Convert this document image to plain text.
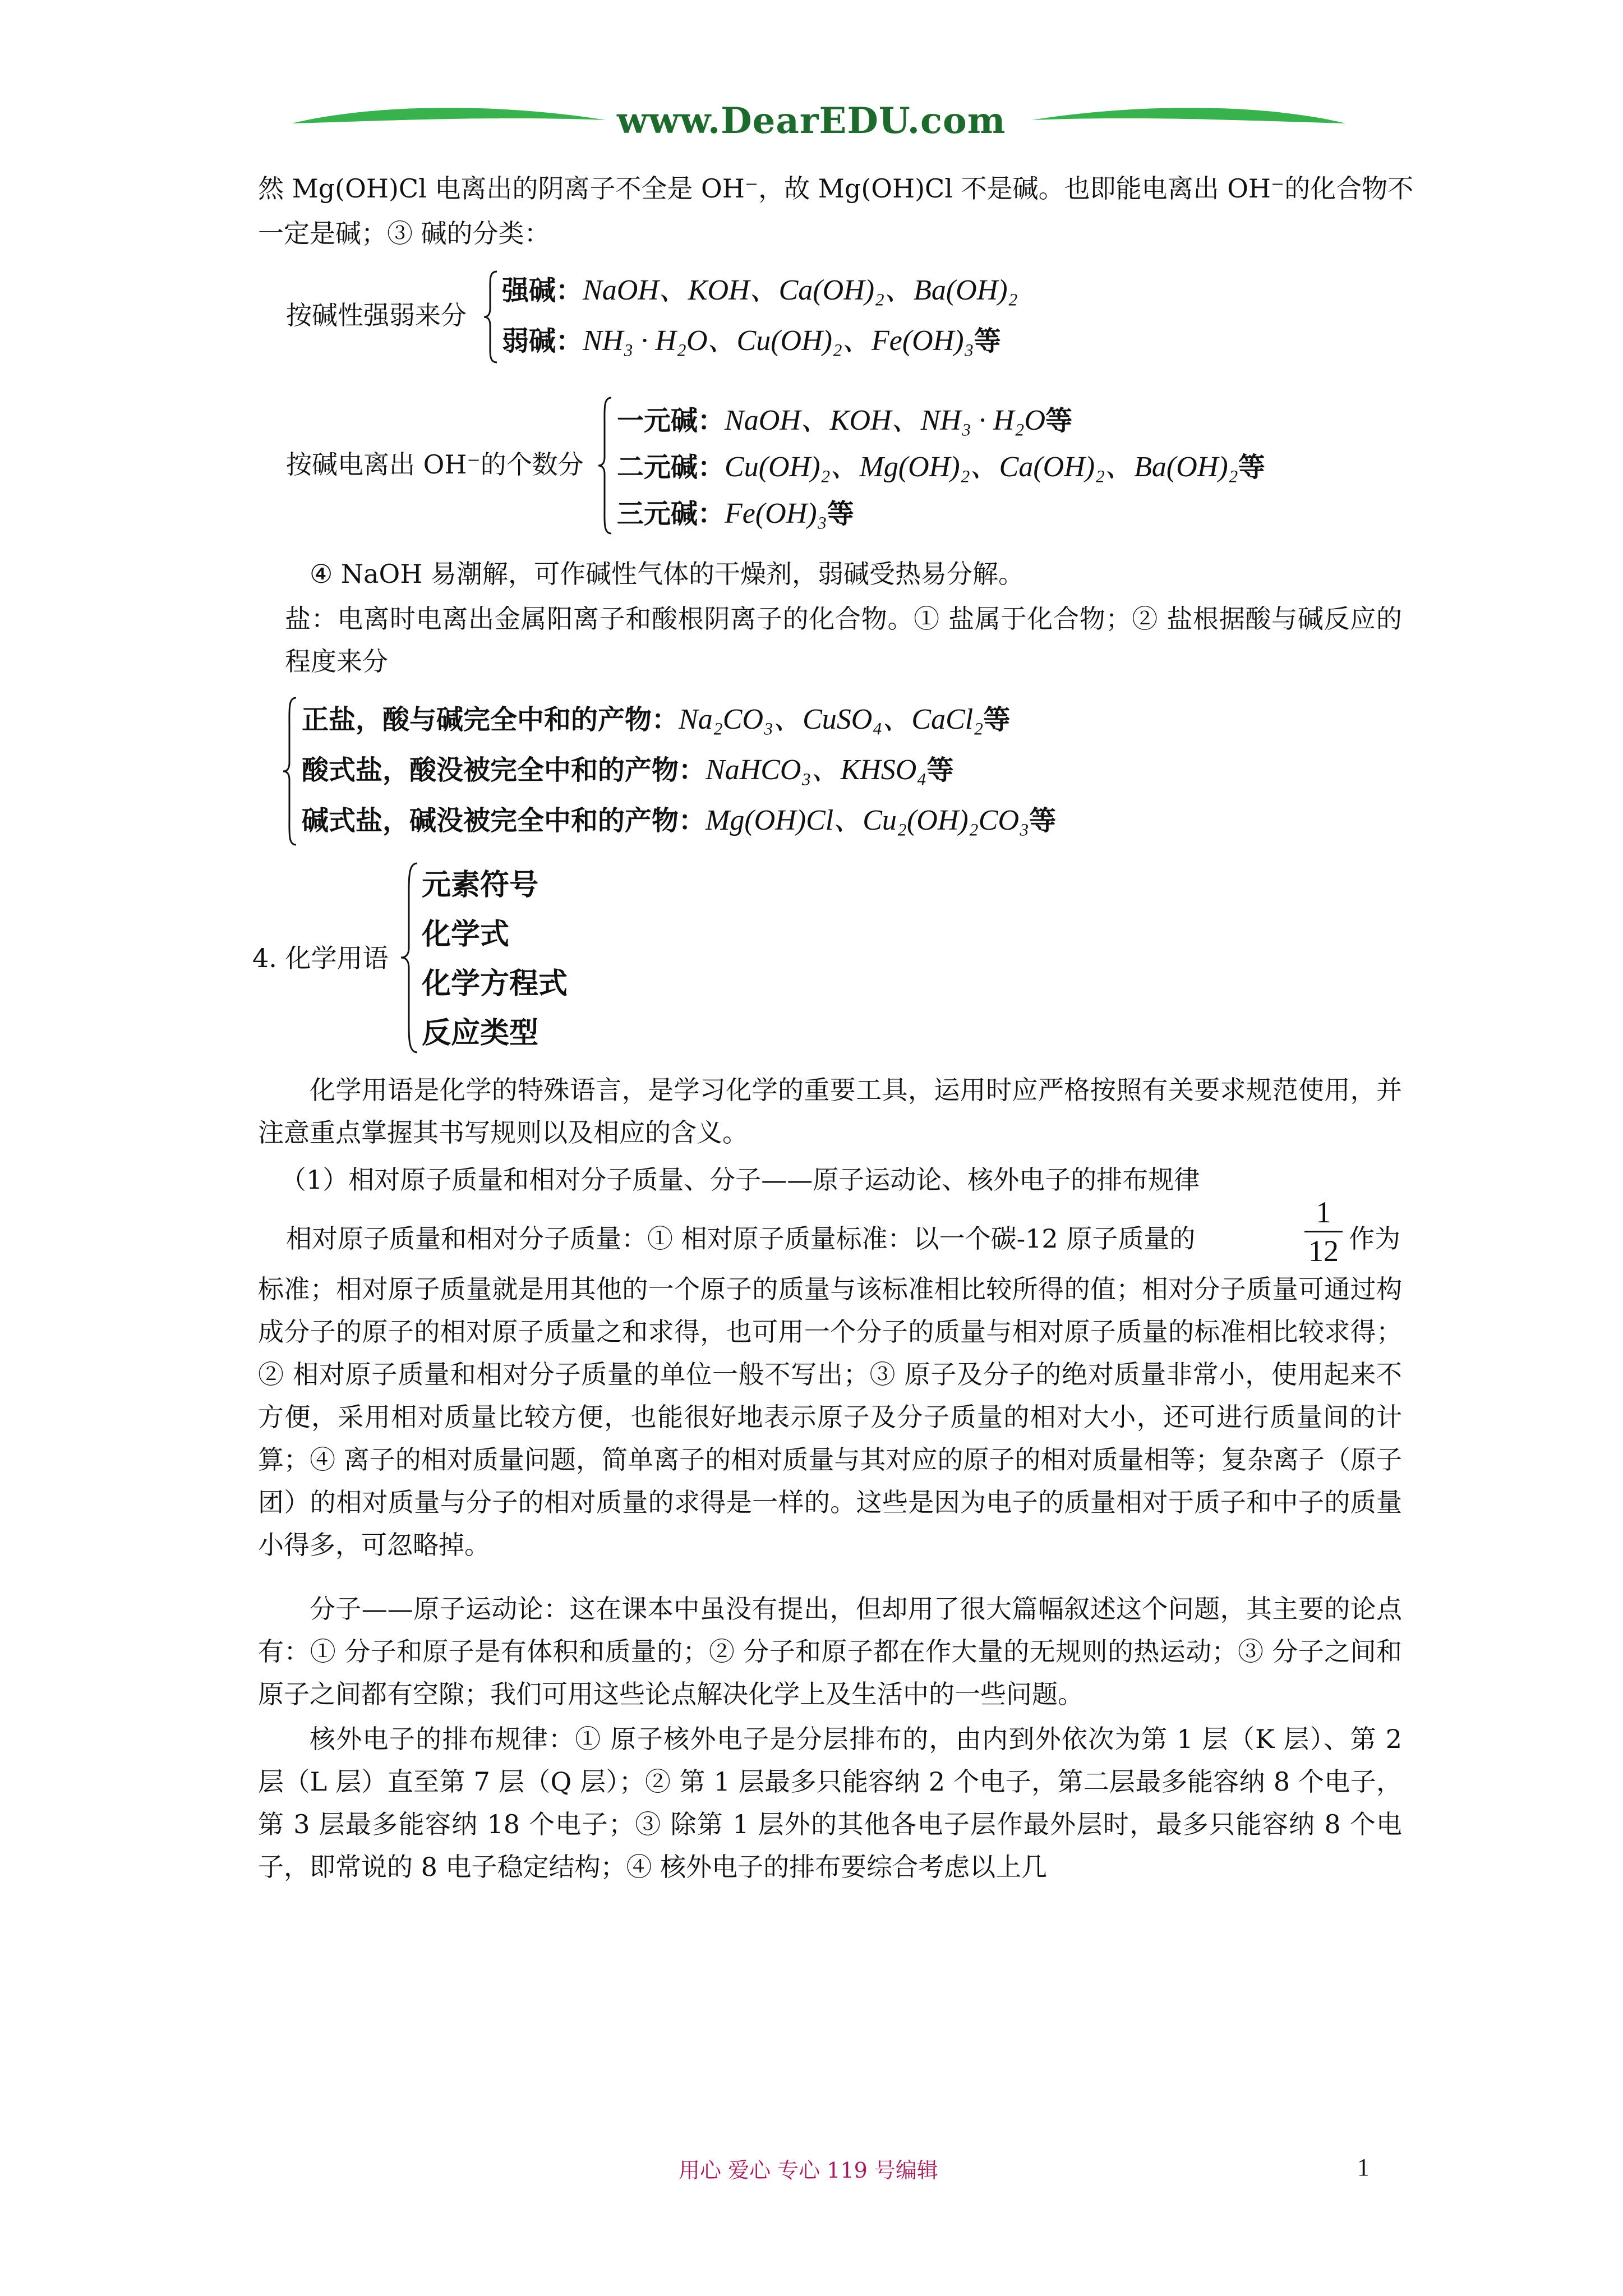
www.DearEDU.com
然 Mg(OH)Cl 电离出的阴离子不全是 OH⁻，故 Mg(OH)Cl 不是碱。也即能电离出 OH⁻的化合物不
一定是碱；③ 碱的分类：
按碱性强弱来分
强碱：NaOH、KOH、Ca(OH)₂、Ba(OH)₂
弱碱：NH₃ · H₂O、Cu(OH)₂、Fe(OH)₃等
按碱电离出 OH⁻的个数分
一元碱：NaOH、KOH、NH₃ · H₂O等
二元碱：Cu(OH)₂、Mg(OH)₂、Ca(OH)₂、Ba(OH)₂等
三元碱：Fe(OH)₃等
④ NaOH 易潮解，可作碱性气体的干燥剂，弱碱受热易分解。
盐：电离时电离出金属阳离子和酸根阴离子的化合物。① 盐属于化合物；② 盐根据酸与碱反应的程度来分
正盐，酸与碱完全中和的产物：Na₂CO₃、CuSO₄、CaCl₂等
酸式盐，酸没被完全中和的产物：NaHCO₃、KHSO₄等
碱式盐，碱没被完全中和的产物：Mg(OH)Cl、Cu₂(OH)₂CO₃等
4. 化学用语
元素符号
化学式
化学方程式
反应类型
化学用语是化学的特殊语言，是学习化学的重要工具，运用时应严格按照有关要求规范使用，并注意重点掌握其书写规则以及相应的含义。
（1）相对原子质量和相对分子质量、分子——原子运动论、核外电子的排布规律
相对原子质量和相对分子质量：① 相对原子质量标准：以一个碳-12 原子质量的
1
12 作为
标准；相对原子质量就是用其他的一个原子的质量与该标准相比较所得的值；相对分子质量可通过构成分子的原子的相对原子质量之和求得，也可用一个分子的质量与相对原子质量的标准相比较求得；② 相对原子质量和相对分子质量的单位一般不写出；③ 原子及分子的绝对质量非常小，使用起来不方便，采用相对质量比较方便，也能很好地表示原子及分子质量的相对大小，还可进行质量间的计算；④ 离子的相对质量问题，简单离子的相对质量与其对应的原子的相对质量相等；复杂离子（原子团）的相对质量与分子的相对质量的求得是一样的。这些是因为电子的质量相对于质子和中子的质量小得多，可忽略掉。
分子——原子运动论：这在课本中虽没有提出，但却用了很大篇幅叙述这个问题，其主要的论点有：① 分子和原子是有体积和质量的；② 分子和原子都在作大量的无规则的热运动；③ 分子之间和原子之间都有空隙；我们可用这些论点解决化学上及生活中的一些问题。
核外电子的排布规律：① 原子核外电子是分层排布的，由内到外依次为第 1 层（K 层）、第 2 层（L 层）直至第 7 层（Q 层）；② 第 1 层最多只能容纳 2 个电子，第二层最多能容纳 8 个电子，第 3 层最多能容纳 18 个电子；③ 除第 1 层外的其他各电子层作最外层时，最多只能容纳 8 个电子，即常说的 8 电子稳定结构；④ 核外电子的排布要综合考虑以上几
用心 爱心 专心 119 号编辑	1
